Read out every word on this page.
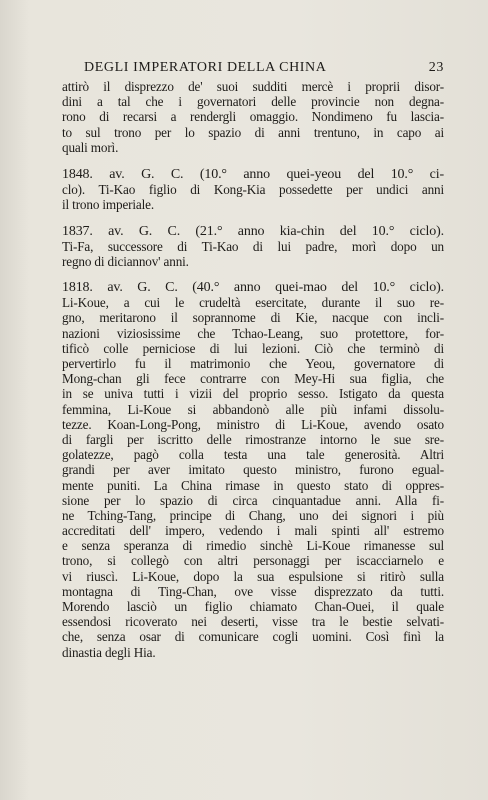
DEGLI IMPERATORI DELLA CHINA	23
attirò il disprezzo de' suoi sudditi mercè i proprii disor-
dini a tal che i governatori delle provincie non degna-
rono di recarsi a rendergli omaggio. Nondimeno fu lascia-
to sul trono per lo spazio di anni trentuno, in capo ai
quali morì.
1848. av. G. C. (10.° anno quei-yeou del 10.° ci-
clo). Ti-Kao figlio di Kong-Kia possedette per undici anni
il trono imperiale.
1837. av. G. C. (21.° anno kia-chin del 10.° ciclo).
Ti-Fa, successore di Ti-Kao di lui padre, morì dopo un
regno di diciannov' anni.
1818. av. G. C. (40.° anno quei-mao del 10.° ciclo).
Li-Koue, a cui le crudeltà esercitate, durante il suo re-
gno, meritarono il soprannome di Kie, nacque con incli-
nazioni viziosissime che Tchao-Leang, suo protettore, for-
tificò colle perniciose di lui lezioni. Ciò che terminò di
pervertirlo fu il matrimonio che Yeou, governatore di
Mong-chan gli fece contrarre con Mey-Hi sua figlia, che
in se univa tutti i vizii del proprio sesso. Istigato da questa
femmina, Li-Koue si abbandonò alle più infami dissolu-
tezze. Koan-Long-Pong, ministro di Li-Koue, avendo osato
di fargli per iscritto delle rimostranze intorno le sue sre-
golatezze, pagò colla testa una tale generosità. Altri
grandi per aver imitato questo ministro, furono egual-
mente puniti. La China rimase in questo stato di oppres-
sione per lo spazio di circa cinquantadue anni. Alla fi-
ne Tching-Tang, principe di Chang, uno dei signori i più
accreditati dell' impero, vedendo i mali spinti all' estremo
e senza speranza di rimedio sinchè Li-Koue rimanesse sul
trono, si collegò con altri personaggi per iscacciarnelo e
vi riuscì. Li-Koue, dopo la sua espulsione si ritirò sulla
montagna di Ting-Chan, ove visse disprezzato da tutti.
Morendo lasciò un figlio chiamato Chan-Ouei, il quale
essendosi ricoverato nei deserti, visse tra le bestie selvati-
che, senza osar di comunicare cogli uomini. Così finì la
dinastia degli Hia.
